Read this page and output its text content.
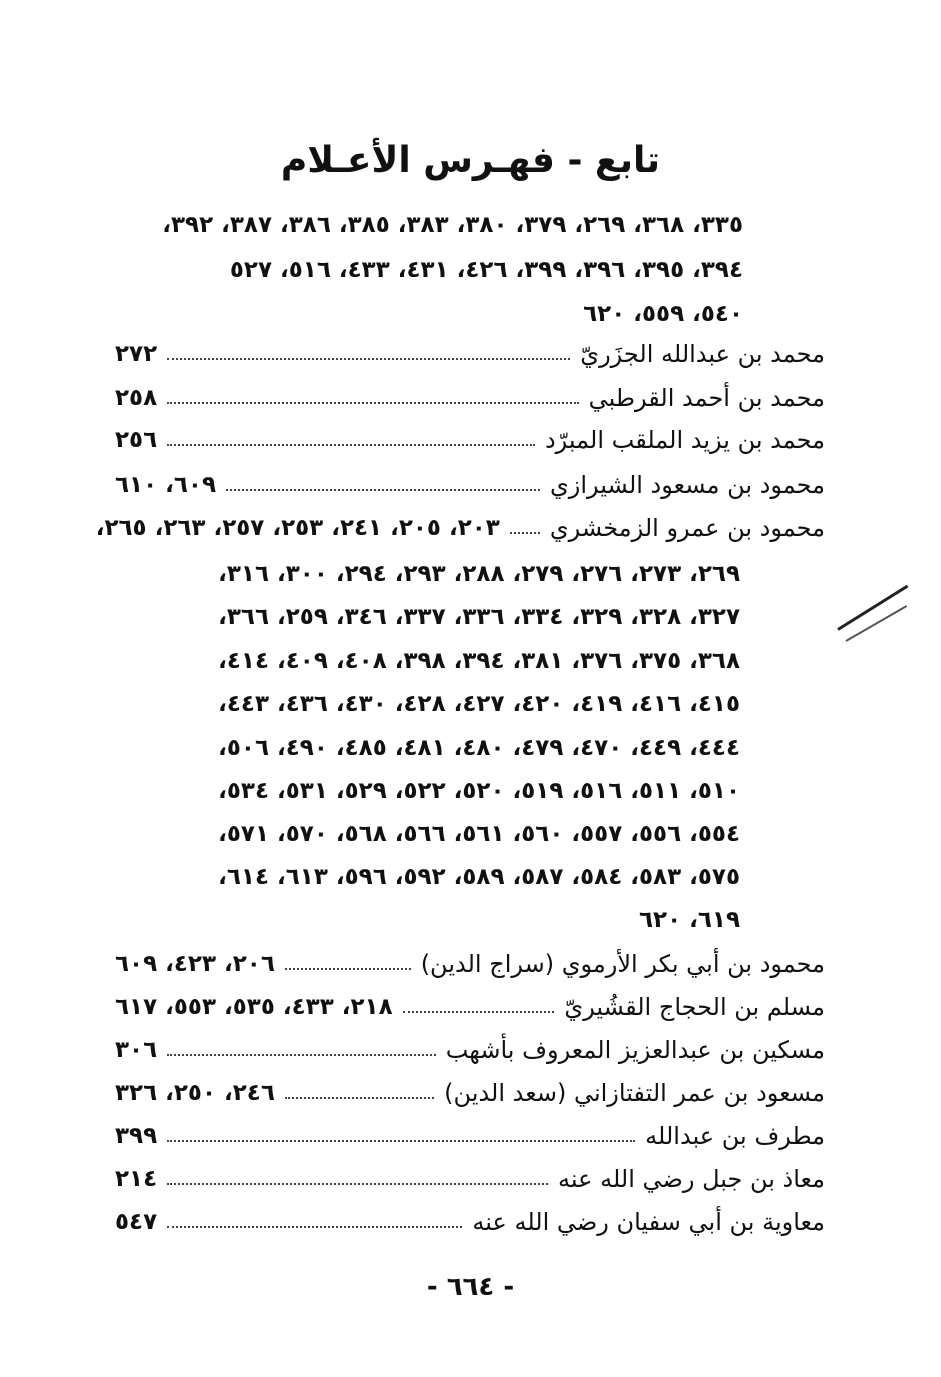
تابع - فهـرس الأعـلام
٣٣٥، ٣٦٨، ٢٦٩، ٣٧٩، ٣٨٠، ٣٨٣، ٣٨٥، ٣٨٦، ٣٨٧، ٣٩٢،
٣٩٤، ٣٩٥، ٣٩٦، ٣٩٩، ٤٢٦، ٤٣١، ٤٣٣، ٥١٦، ٥٢٧
٥٤٠، ٥٥٩، ٦٢٠
محمد بن عبدالله الجزَريّ
٢٧٢
محمد بن أحمد القرطبي
٢٥٨
محمد بن يزيد الملقب المبرّد
٢٥٦
محمود بن مسعود الشيرازي
٦٠٩، ٦١٠
محمود بن عمرو الزمخشري
٢٠٣، ٢٠٥، ٢٤١، ٢٥٣، ٢٥٧، ٢٦٣، ٢٦٥،
٢٦٩، ٢٧٣، ٢٧٦، ٢٧٩، ٢٨٨، ٢٩٣، ٢٩٤، ٣٠٠، ٣١٦،
٣٢٧، ٣٢٨، ٣٢٩، ٣٣٤، ٣٣٦، ٣٣٧، ٣٤٦، ٢٥٩، ٣٦٦،
٣٦٨، ٣٧٥، ٣٧٦، ٣٨١، ٣٩٤، ٣٩٨، ٤٠٨، ٤٠٩، ٤١٤،
٤١٥، ٤١٦، ٤١٩، ٤٢٠، ٤٢٧، ٤٢٨، ٤٣٠، ٤٣٦، ٤٤٣،
٤٤٤، ٤٤٩، ٤٧٠، ٤٧٩، ٤٨٠، ٤٨١، ٤٨٥، ٤٩٠، ٥٠٦،
٥١٠، ٥١١، ٥١٦، ٥١٩، ٥٢٠، ٥٢٢، ٥٢٩، ٥٣١، ٥٣٤،
٥٥٤، ٥٥٦، ٥٥٧، ٥٦٠، ٥٦١، ٥٦٦، ٥٦٨، ٥٧٠، ٥٧١،
٥٧٥، ٥٨٣، ٥٨٤، ٥٨٧، ٥٨٩، ٥٩٢، ٥٩٦، ٦١٣، ٦١٤،
٦١٩، ٦٢٠
محمود بن أبي بكر الأرموي (سراج الدين)
٢٠٦، ٤٢٣، ٦٠٩
مسلم بن الحجاج القشُيريّ
٢١٨، ٤٣٣، ٥٣٥، ٥٥٣، ٦١٧
مسكين بن عبدالعزيز المعروف بأشهب
٣٠٦
مسعود بن عمر التفتازاني (سعد الدين)
٢٤٦، ٢٥٠، ٣٢٦
مطرف بن عبدالله
٣٩٩
معاذ بن جبل رضي الله عنه
٢١٤
معاوية بن أبي سفيان رضي الله عنه
٥٤٧
- ٦٦٤ -
